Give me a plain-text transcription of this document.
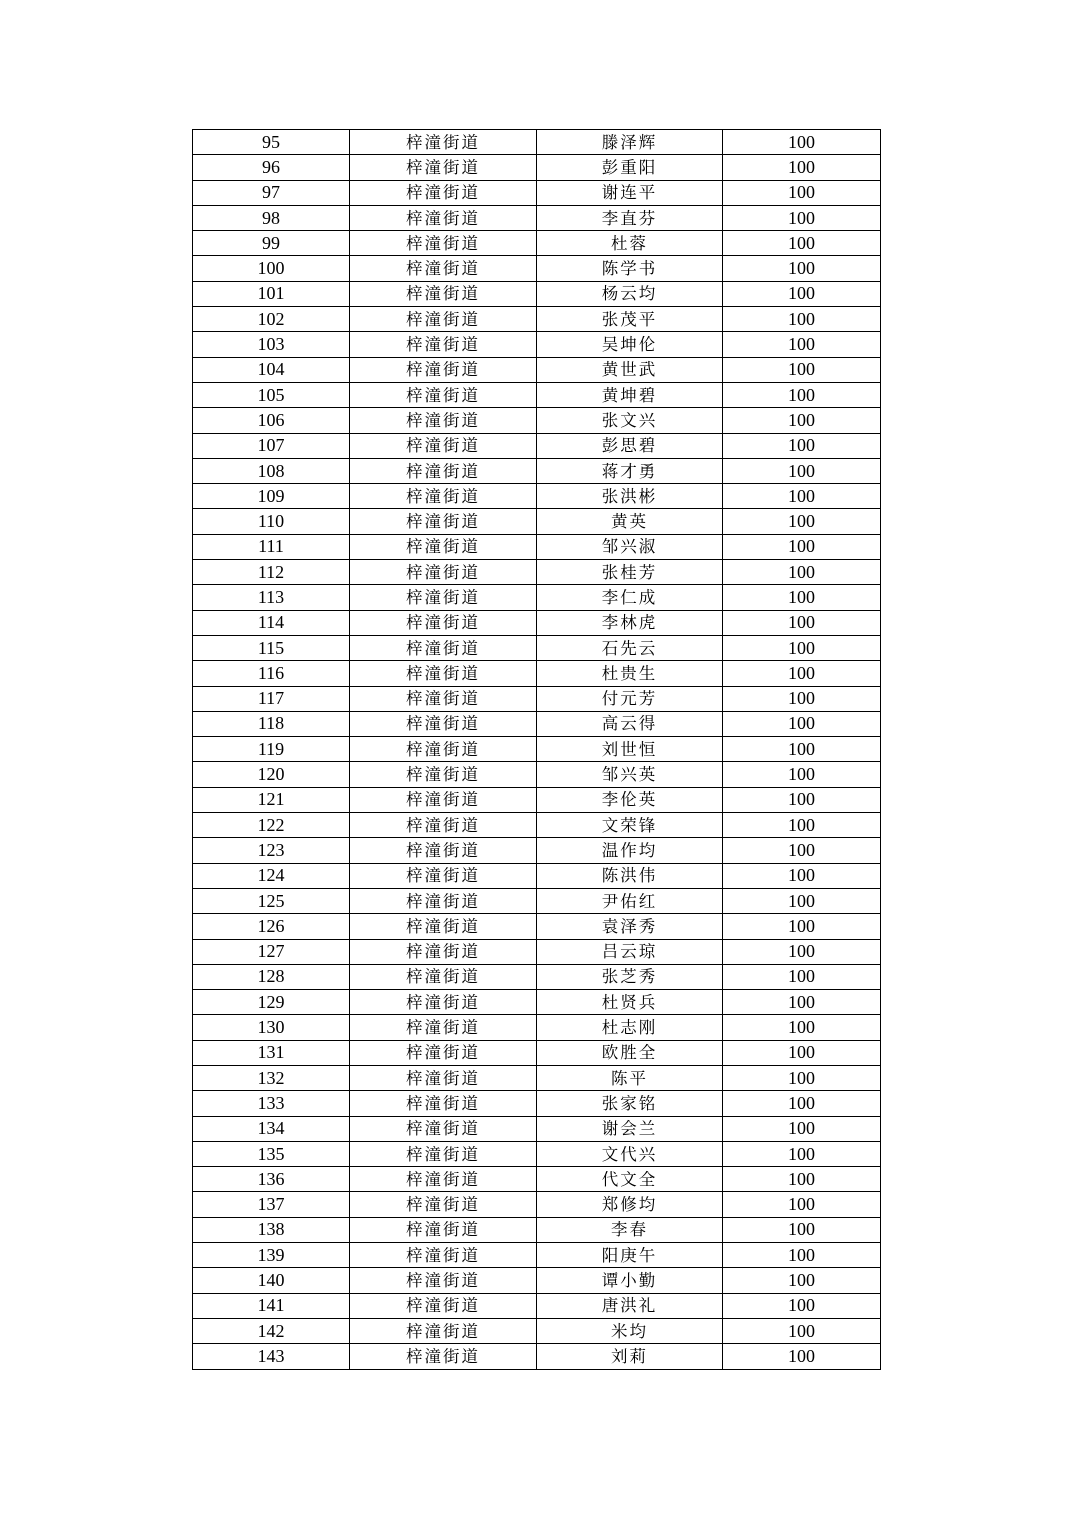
95	梓潼街道	滕泽辉	100
96	梓潼街道	彭重阳	100
97	梓潼街道	谢连平	100
98	梓潼街道	李直芬	100
99	梓潼街道	杜蓉	100
100	梓潼街道	陈学书	100
101	梓潼街道	杨云均	100
102	梓潼街道	张茂平	100
103	梓潼街道	吴坤伦	100
104	梓潼街道	黄世武	100
105	梓潼街道	黄坤碧	100
106	梓潼街道	张文兴	100
107	梓潼街道	彭思碧	100
108	梓潼街道	蒋才勇	100
109	梓潼街道	张洪彬	100
110	梓潼街道	黄英	100
111	梓潼街道	邹兴淑	100
112	梓潼街道	张桂芳	100
113	梓潼街道	李仁成	100
114	梓潼街道	李林虎	100
115	梓潼街道	石先云	100
116	梓潼街道	杜贵生	100
117	梓潼街道	付元芳	100
118	梓潼街道	高云得	100
119	梓潼街道	刘世恒	100
120	梓潼街道	邹兴英	100
121	梓潼街道	李伦英	100
122	梓潼街道	文荣锋	100
123	梓潼街道	温作均	100
124	梓潼街道	陈洪伟	100
125	梓潼街道	尹佑红	100
126	梓潼街道	袁泽秀	100
127	梓潼街道	吕云琼	100
128	梓潼街道	张芝秀	100
129	梓潼街道	杜贤兵	100
130	梓潼街道	杜志刚	100
131	梓潼街道	欧胜全	100
132	梓潼街道	陈平	100
133	梓潼街道	张家铭	100
134	梓潼街道	谢会兰	100
135	梓潼街道	文代兴	100
136	梓潼街道	代文全	100
137	梓潼街道	郑修均	100
138	梓潼街道	李春	100
139	梓潼街道	阳庚午	100
140	梓潼街道	谭小勤	100
141	梓潼街道	唐洪礼	100
142	梓潼街道	米均	100
143	梓潼街道	刘莉	100
